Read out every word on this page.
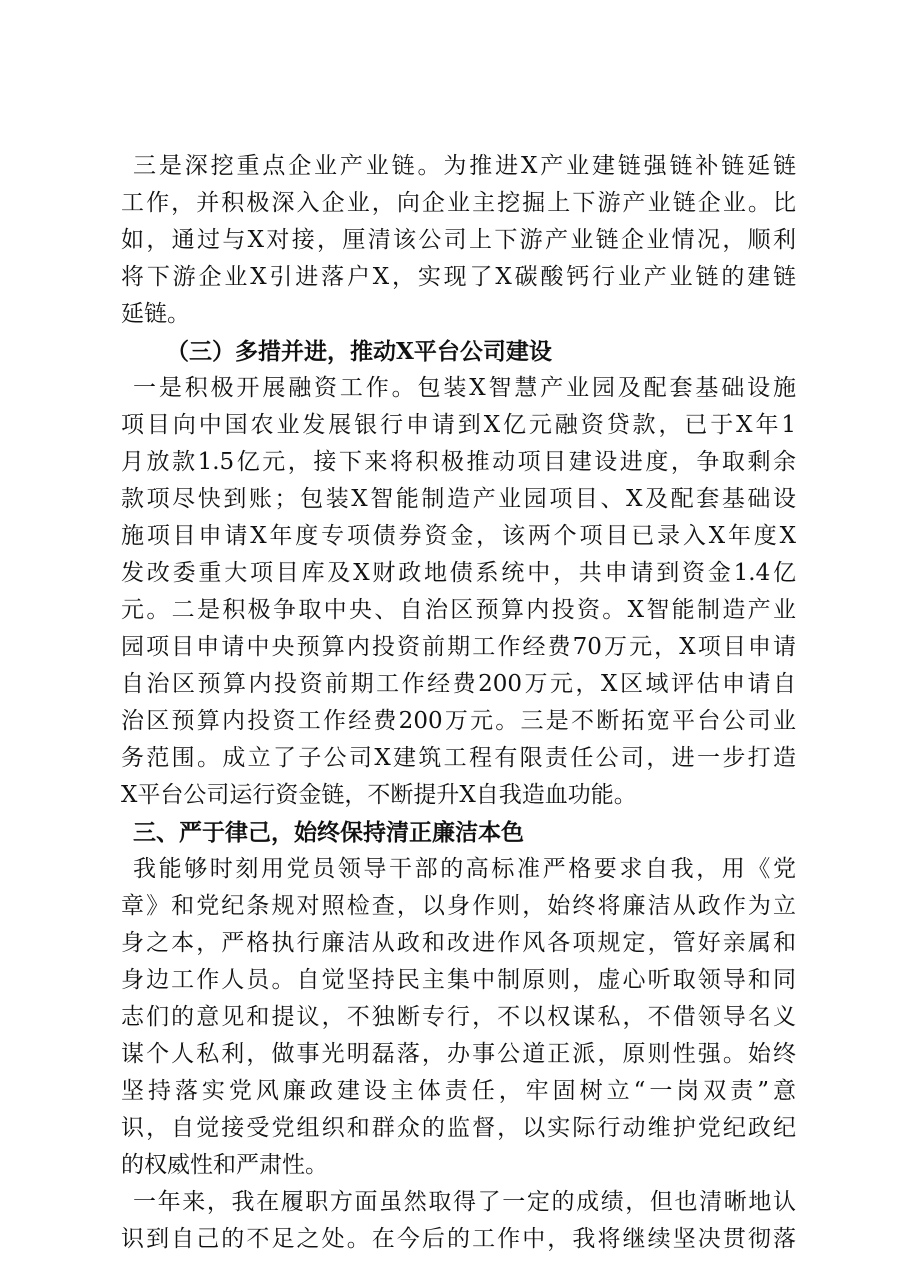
三是深挖重点企业产业链。为推进X产业建链强链补链延链
工作，并积极深入企业，向企业主挖掘上下游产业链企业。比
如，通过与X对接，厘清该公司上下游产业链企业情况，顺利
将下游企业X引进落户X，实现了X碳酸钙行业产业链的建链
延链。
（三）多措并进，推动X平台公司建设
一是积极开展融资工作。包装X智慧产业园及配套基础设施
项目向中国农业发展银行申请到X亿元融资贷款，已于X年1
月放款1.5亿元，接下来将积极推动项目建设进度，争取剩余
款项尽快到账；包装X智能制造产业园项目、X及配套基础设
施项目申请X年度专项债券资金，该两个项目已录入X年度X
发改委重大项目库及X财政地债系统中，共申请到资金1.4亿
元。二是积极争取中央、自治区预算内投资。X智能制造产业
园项目申请中央预算内投资前期工作经费70万元，X项目申请
自治区预算内投资前期工作经费200万元，X区域评估申请自
治区预算内投资工作经费200万元。三是不断拓宽平台公司业
务范围。成立了子公司X建筑工程有限责任公司，进一步打造
X平台公司运行资金链，不断提升X自我造血功能。
三、严于律己，始终保持清正廉洁本色
我能够时刻用党员领导干部的高标准严格要求自我，用《党
章》和党纪条规对照检查，以身作则，始终将廉洁从政作为立
身之本，严格执行廉洁从政和改进作风各项规定，管好亲属和
身边工作人员。自觉坚持民主集中制原则，虚心听取领导和同
志们的意见和提议，不独断专行，不以权谋私，不借领导名义
谋个人私利，做事光明磊落，办事公道正派，原则性强。始终
坚持落实党风廉政建设主体责任，牢固树立“一岗双责”意
识，自觉接受党组织和群众的监督，以实际行动维护党纪政纪
的权威性和严肃性。
一年来，我在履职方面虽然取得了一定的成绩，但也清晰地认
识到自己的不足之处。在今后的工作中，我将继续坚决贯彻落
